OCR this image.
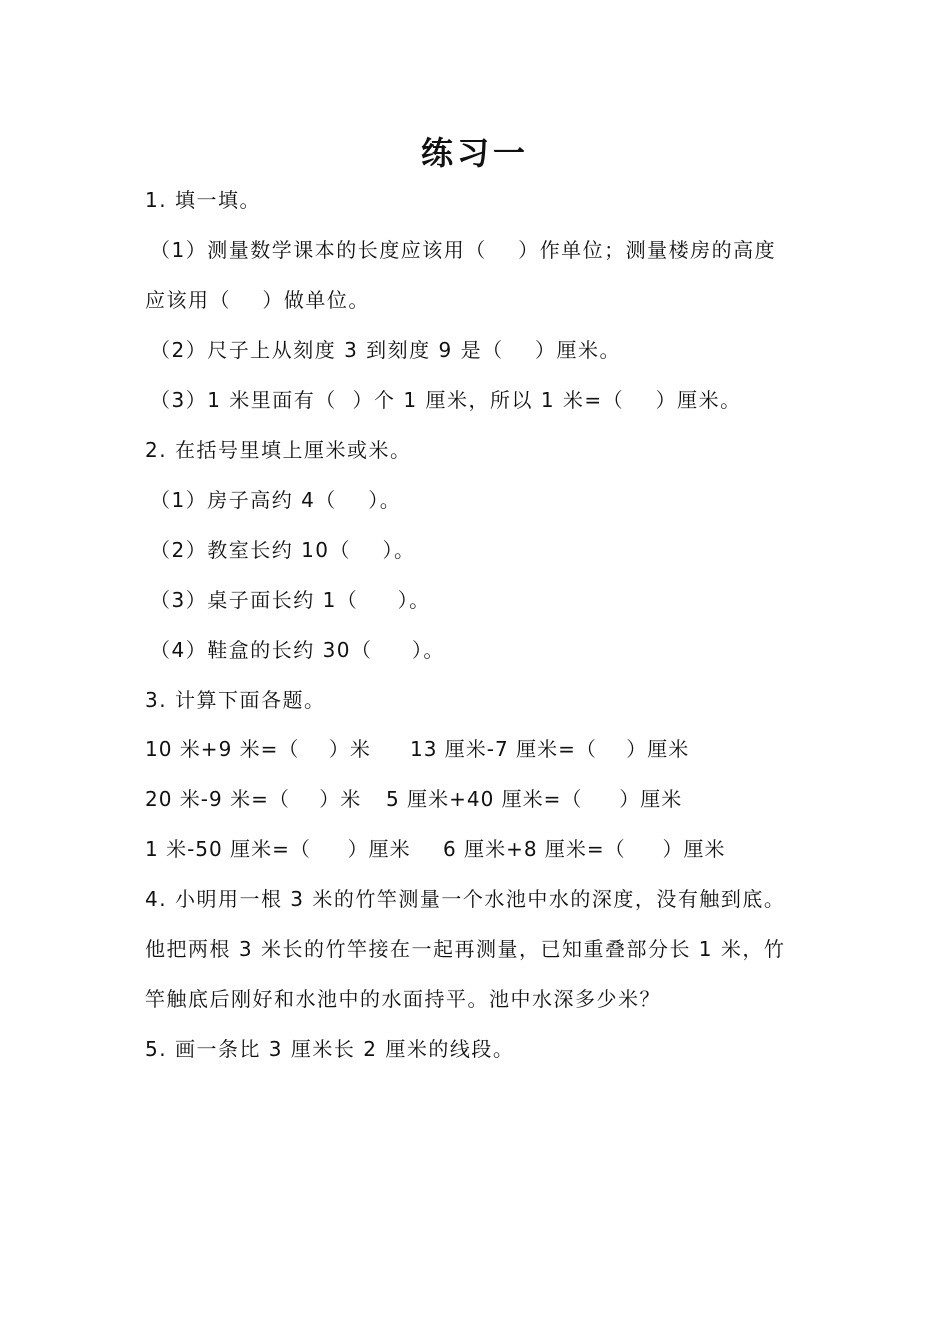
练习一
1. 填一填。
（1）测量数学课本的长度应该用（    ）作单位；测量楼房的高度
应该用（    ）做单位。
（2）尺子上从刻度 3 到刻度 9 是（    ）厘米。
（3）1 米里面有（  ）个 1 厘米，所以 1 米=（    ）厘米。
2. 在括号里填上厘米或米。
（1）房子高约 4（    ）。
（2）教室长约 10（    ）。
（3）桌子面长约 1（     ）。
（4）鞋盒的长约 30（     ）。
3. 计算下面各题。
10 米+9 米=（    ）米 13 厘米-7 厘米=（    ）厘米
20 米-9 米=（    ）米 5 厘米+40 厘米=（     ）厘米
1 米-50 厘米=（     ）厘米 6 厘米+8 厘米=（     ）厘米
4. 小明用一根 3 米的竹竿测量一个水池中水的深度，没有触到底。
他把两根 3 米长的竹竿接在一起再测量，已知重叠部分长 1 米，竹
竿触底后刚好和水池中的水面持平。池中水深多少米？
5. 画一条比 3 厘米长 2 厘米的线段。
